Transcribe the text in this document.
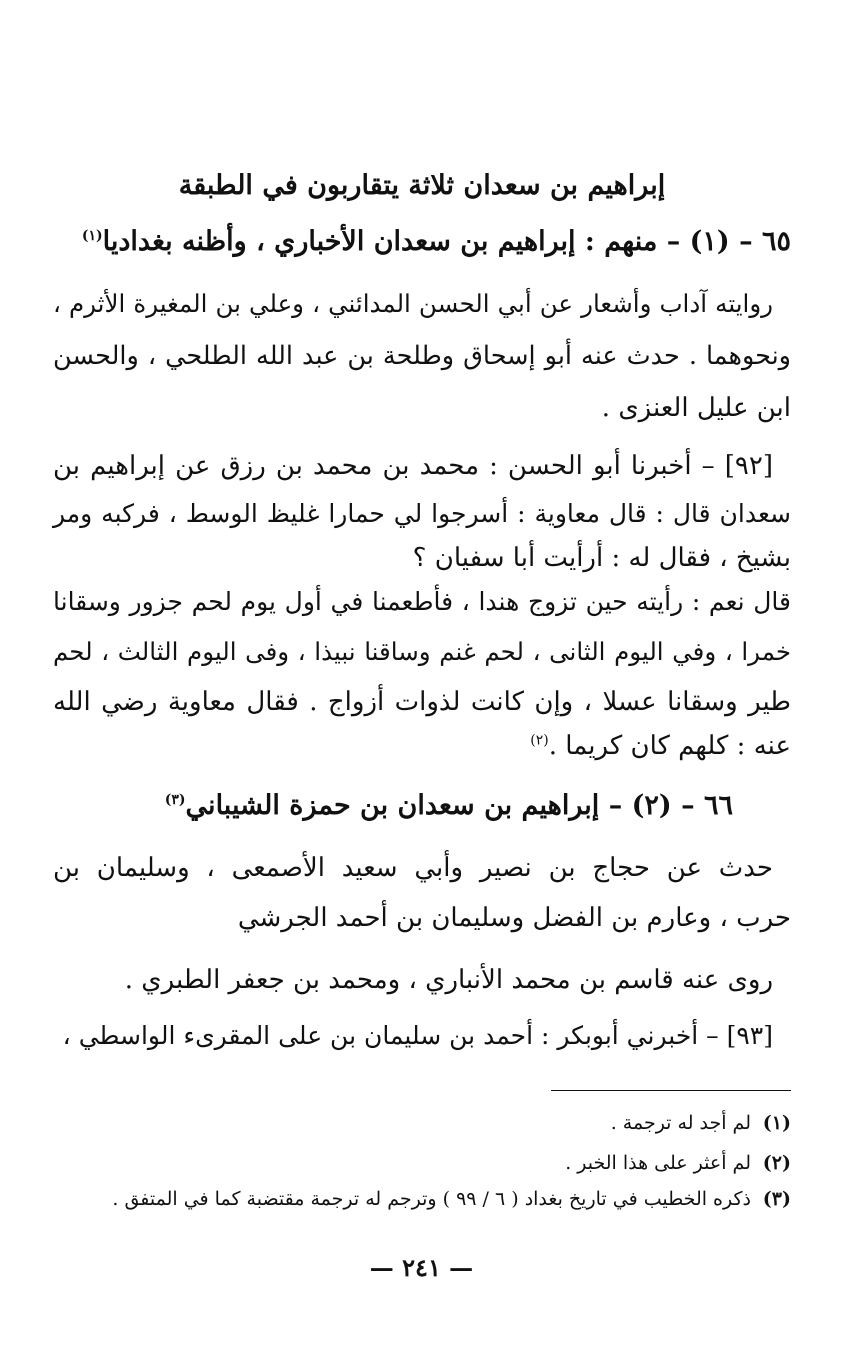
إبراهيم بن سعدان ثلاثة يتقاربون في الطبقة
٦٥ – (١) – منهم : إبراهيم بن سعدان الأخباري ، وأظنه بغداديا$^{(١)}$
روايته آداب وأشعار عن أبي الحسن المدائني ، وعلي بن المغيرة الأثرم ،
ونحوهما . حدث عنه أبو إسحاق وطلحة بن عبد الله الطلحي ، والحسن
ابن عليل العنزى .
[٩٢] – أخبرنا أبو الحسن : محمد بن محمد بن رزق عن إبراهيم بن
سعدان قال : قال معاوية : أسرجوا لي حمارا غليظ الوسط ، فركبه ومر
بشيخ ، فقال له : أرأيت أبا سفيان ؟
قال نعم : رأيته حين تزوج هندا ، فأطعمنا في أول يوم لحم جزور وسقانا
خمرا ، وفي اليوم الثانى ، لحم غنم وساقنا نبيذا ، وفى اليوم الثالث ، لحم
طير وسقانا عسلا ، وإن كانت لذوات أزواج . فقال معاوية رضي الله
عنه : كلهم كان كريما .$^{(٢)}$
٦٦ – (٢) – إبراهيم بن سعدان بن حمزة الشيباني$^{(٣)}$
حدث عن حجاج بن نصير وأبي سعيد الأصمعى ، وسليمان بن
حرب ، وعارم بن الفضل وسليمان بن أحمد الجرشي
روى عنه قاسم بن محمد الأنباري ، ومحمد بن جعفر الطبري .
[٩٣] – أخبرني أبوبكر : أحمد بن سليمان بن على المقرىء الواسطي ،
(١)لم أجد له ترجمة .
(٢)لم أعثر على هذا الخبر .
(٣)ذكره الخطيب في تاريخ بغداد ( ٦ / ٩٩ ) وترجم له ترجمة مقتضبة كما في المتفق .
— ٢٤١ —
